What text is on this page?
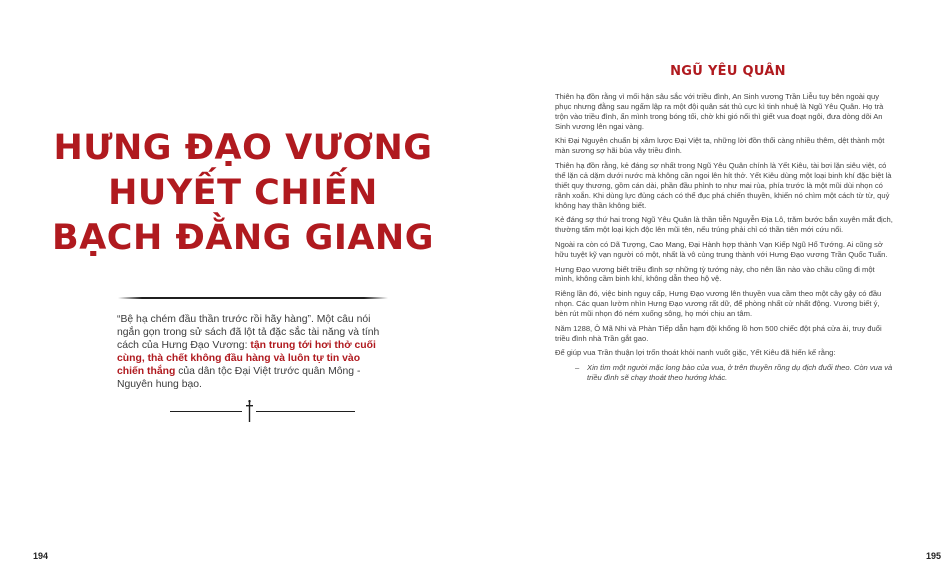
HƯNG ĐẠO VƯƠNG
HUYẾT CHIẾN
BẠCH ĐẰNG GIANG

“Bệ hạ chém đầu thần trước rồi hãy hàng”. Một câu nói ngắn gọn trong sử sách đã lột tả đặc sắc tài năng và tính cách của Hưng Đạo Vương: tận trung tới hơi thở cuối cùng, thà chết không đầu hàng và luôn tự tin vào chiến thắng của dân tộc Đại Việt trước quân Mông - Nguyên hung bạo.

194
NGŨ YÊU QUÂN

Thiên hạ đồn rằng vì mối hận sâu sắc với triều đình, An Sinh vương Trần Liễu tuy bên ngoài quy phục nhưng đằng sau ngấm lập ra một đội quân sát thủ cực kì tinh nhuệ là Ngũ Yêu Quân. Họ trà trộn vào triều đình, ẩn mình trong bóng tối, chờ khi gió nổi thì giết vua đoạt ngôi, đưa dòng dõi An Sinh vương lên ngai vàng.

Khi Đại Nguyên chuẩn bị xâm lược Đại Việt ta, những lời đồn thổi càng nhiều thêm, dệt thành một màn sương sợ hãi bủa vây triều đình.

Thiên hạ đồn rằng, kẻ đáng sợ nhất trong Ngũ Yêu Quân chính là Yết Kiêu, tài bơi lặn siêu việt, có thể lặn cả dặm dưới nước mà không cần ngoi lên hít thở. Yết Kiêu dùng một loại binh khí đặc biệt là thiết quy thương, gồm cán dài, phần đầu phình to như mai rùa, phía trước là một mũi dùi nhọn có rãnh xoắn. Khi dùng lực đủng cách có thể đục phá chiến thuyền, khiến nó chìm một cách từ từ, quỷ không hay thần không biết.

Kẻ đáng sợ thứ hai trong Ngũ Yêu Quân là thần tiễn Nguyễn Địa Lô, trăm bước bắn xuyên mắt địch, thường tẩm một loại kịch độc lên mũi tên, nếu trúng phải chỉ có thần tiên mới cứu nổi.

Ngoài ra còn có Dã Tượng, Cao Mang, Đại Hành hợp thành Vạn Kiếp Ngũ Hổ Tướng. Ai cũng sở hữu tuyệt kỹ vạn người có một, nhất là vô cùng trung thành với Hưng Đạo vương Trần Quốc Tuấn.

Hưng Đạo vương biết triều đình sợ những tỳ tướng này, cho nên lần nào vào chầu cũng đi một mình, không cầm binh khí, không dẫn theo hộ vệ.

Riêng lần đó, việc binh nguy cấp, Hưng Đạo vương lên thuyền vua cầm theo một cây gậy có đầu nhọn. Các quan lườm nhìn Hưng Đạo vương rất dữ, để phòng nhất cử nhất động. Vương biết ý, bèn rút mũi nhọn đó ném xuống sông, họ mới chịu an tâm.

Năm 1288, Ô Mã Nhi và Phàn Tiếp dẫn hạm đội khổng lồ hơn 500 chiếc đột phá cửa ải, truy đuổi triều đình nhà Trần gắt gao.

Để giúp vua Trần thuận lợi trốn thoát khỏi nanh vuốt giặc, Yết Kiêu đã hiến kế rằng:

– Xin tìm một người mặc long bào của vua, ở trên thuyền rồng dụ địch đuổi theo. Còn vua và triều đình sẽ chạy thoát theo hướng khác.

195
